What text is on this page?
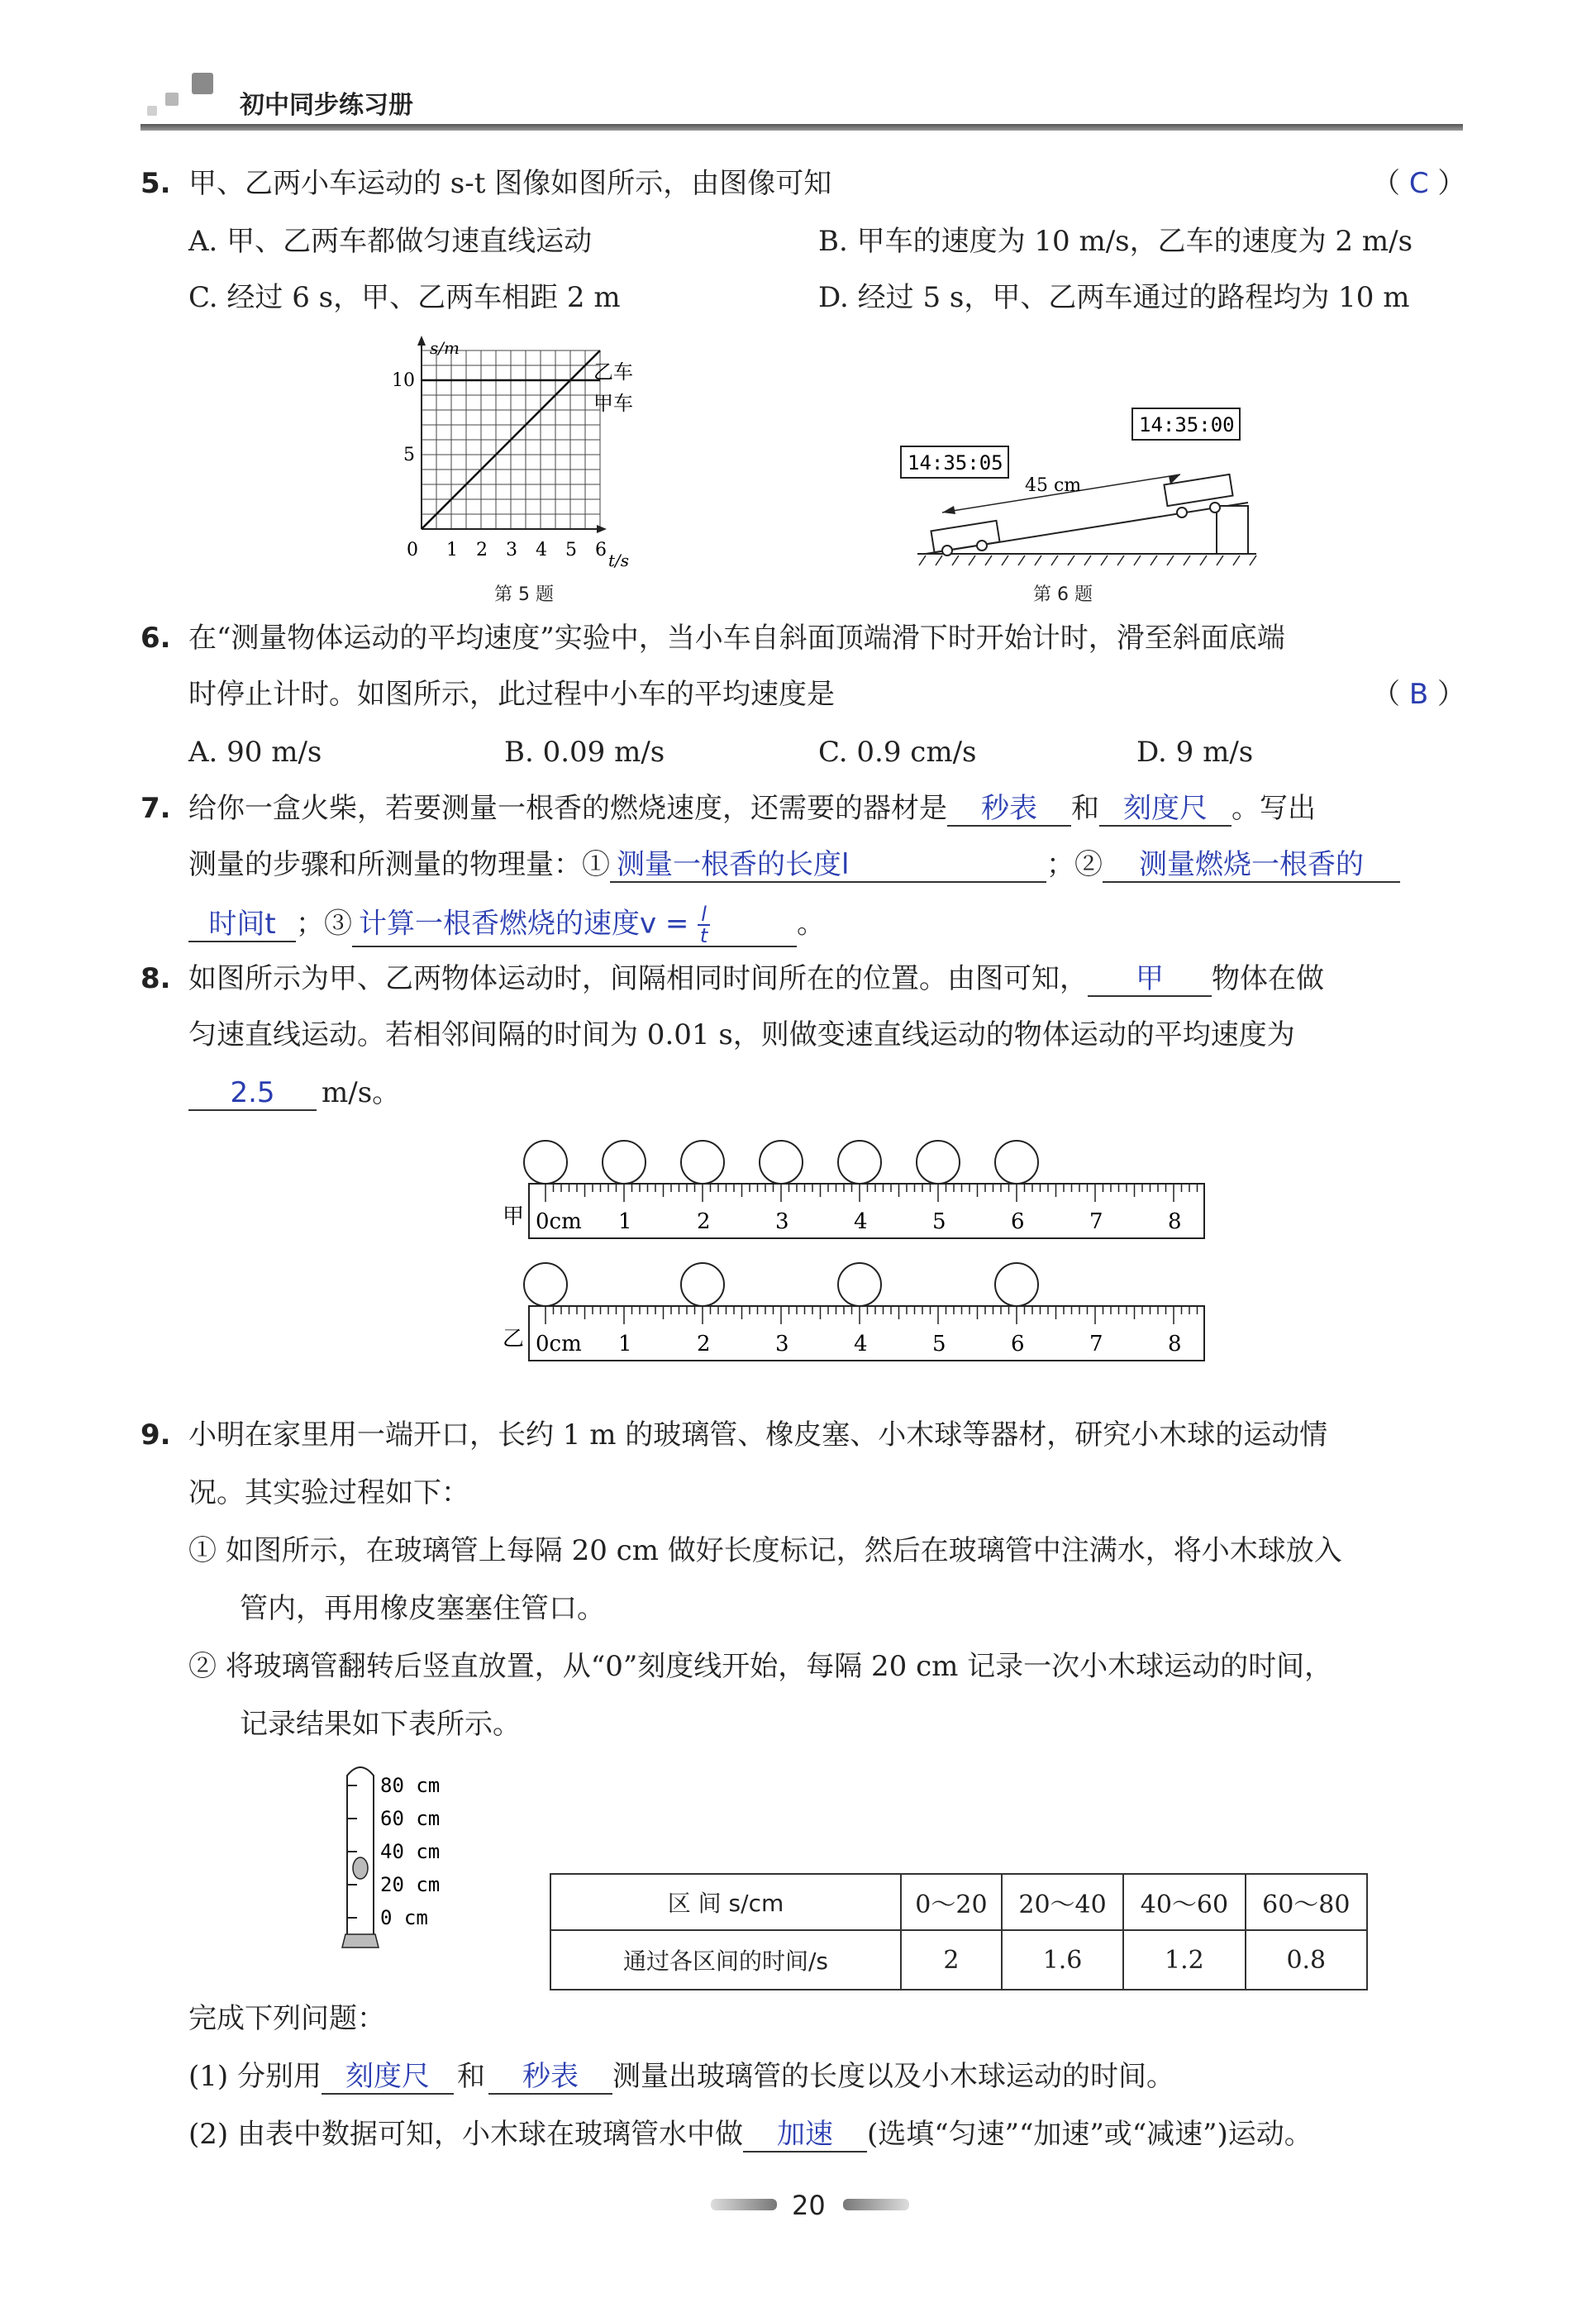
初中同步练习册
5. 甲、乙两小车运动的 s-t 图像如图所示，由图像可知	（ C ）
A. 甲、乙两车都做匀速直线运动	B. 甲车的速度为 10 m/s，乙车的速度为 2 m/s
C. 经过 6 s，甲、乙两车相距 2 m	D. 经过 5 s，甲、乙两车通过的路程均为 10 m
s/m
t/s
0 1 2 3 4 5 6
5
10	乙车
甲车
第 5 题
45 cm
14:35:05
14:35:00
第 6 题
6. 在“测量物体运动的平均速度”实验中，当小车自斜面顶端滑下时开始计时，滑至斜面底端
时停止计时。如图所示，此过程中小车的平均速度是	（ B ）
A. 90 m/s	B. 0.09 m/s	C. 0.9 cm/s	D. 9 m/s
7. 给你一盒火柴，若要测量一根香的燃烧速度，还需要的器材是 秒表 和 刻度尺 。写出
测量的步骤和所测量的物理量：① 测量一根香的长度l	；② 测量燃烧一根香的
时间t ；③ 计算一根香燃烧的速度$v = \frac{l}{t}$	。
8. 如图所示为甲、乙两物体运动时，间隔相同时间所在的位置。由图可知， 甲 物体在做
匀速直线运动。若相邻间隔的时间为 0.01 s，则做变速直线运动的物体运动的平均速度为
2.5 m/s。
甲 0cm 1	2	3	4	5	6	7	8
乙 0cm 1	2	3	4	5	6	7	8
9. 小明在家里用一端开口，长约 1 m 的玻璃管、橡皮塞、小木球等器材，研究小木球的运动情
况。其实验过程如下：
① 如图所示，在玻璃管上每隔 20 cm 做好长度标记，然后在玻璃管中注满水，将小木球放入
管内，再用橡皮塞塞住管口。
② 将玻璃管翻转后竖直放置，从“0”刻度线开始，每隔 20 cm 记录一次小木球运动的时间，
记录结果如下表所示。
80 cm
60 cm
40 cm
20 cm
0 cm
区 间 s/cm	0～20	20～40	40～60	60～80
通过各区间的时间/s	2	1.6	1.2	0.8
完成下列问题：
(1) 分别用 刻度尺 和 秒表 测量出玻璃管的长度以及小木球运动的时间。
(2) 由表中数据可知，小木球在玻璃管水中做 加速 (选填“匀速”“加速”或“减速”)运动。
20
